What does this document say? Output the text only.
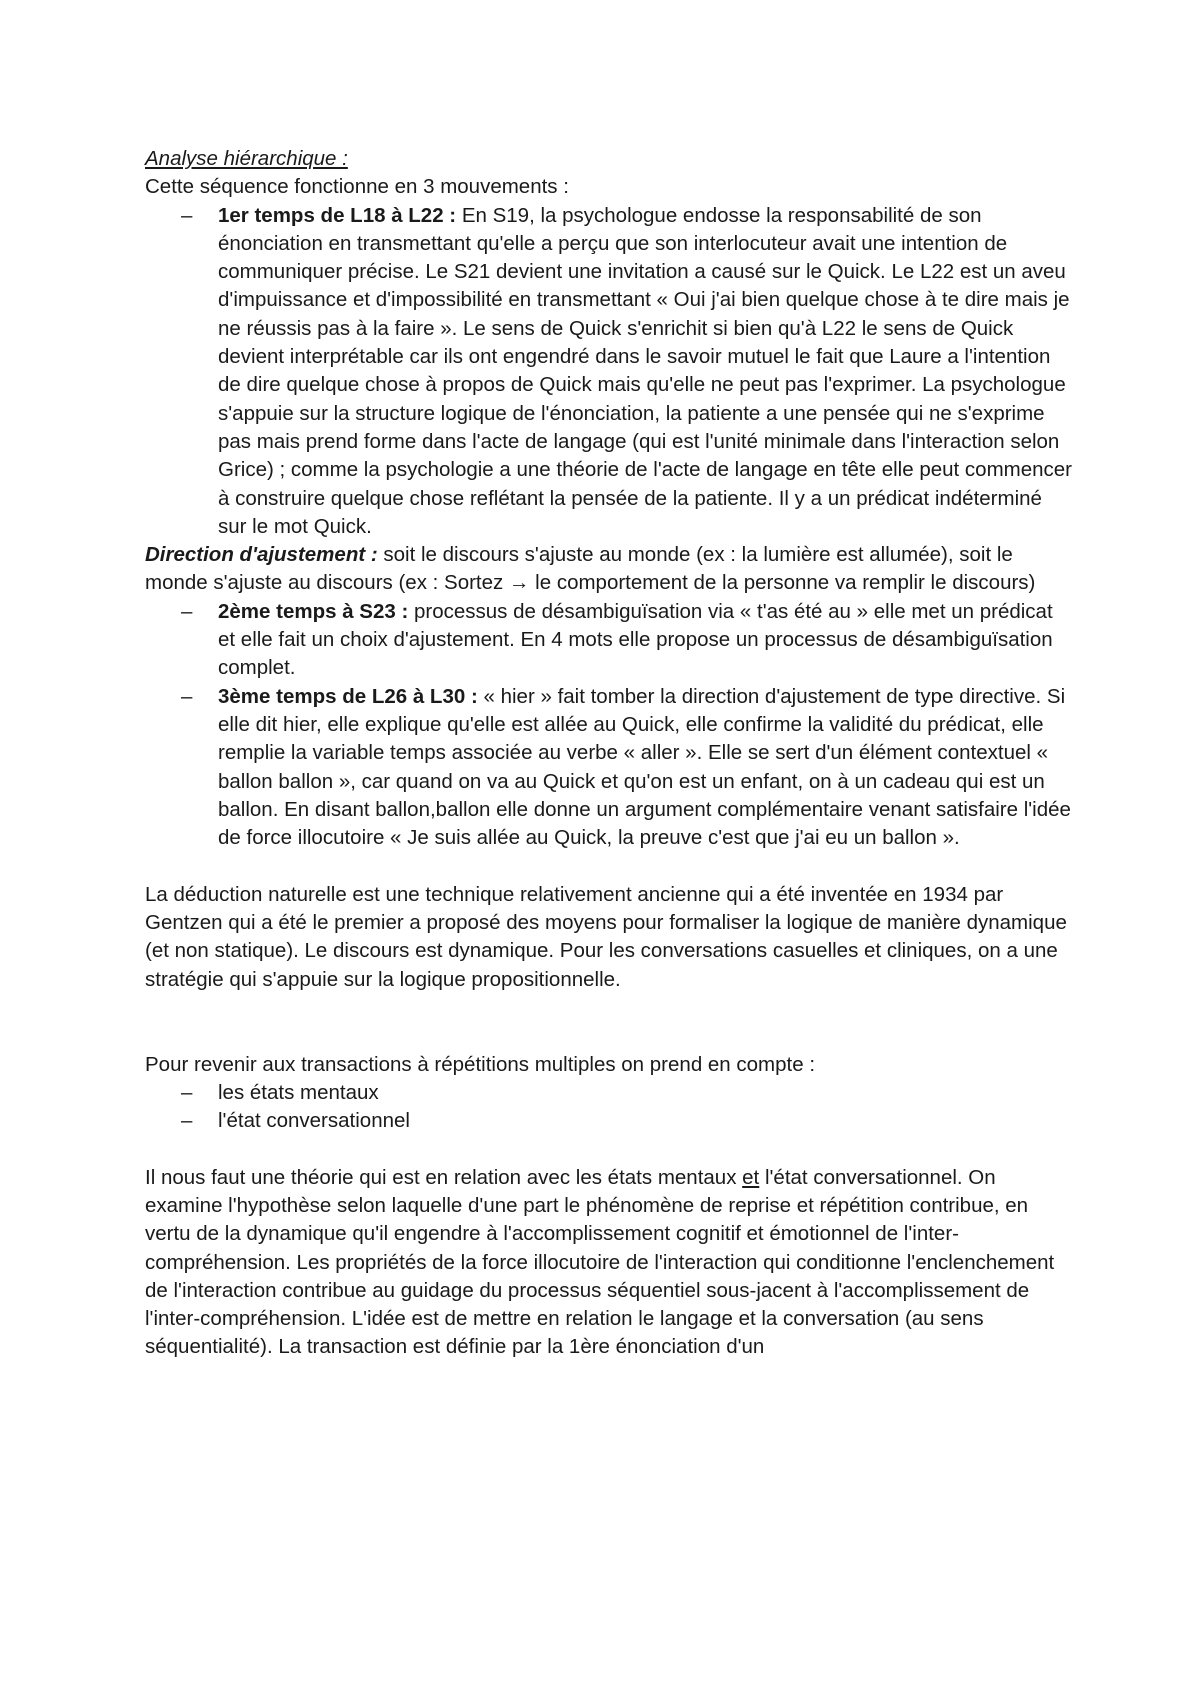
Analyse hiérarchique :

Cette séquence fonctionne en 3 mouvements :

– 1er temps de L18 à L22 : En S19, la psychologue endosse la responsabilité de son énonciation en transmettant qu'elle a perçu que son interlocuteur avait une intention de communiquer précise. Le S21 devient une invitation a causé sur le Quick. Le L22 est un aveu d'impuissance et d'impossibilité en transmettant « Oui j'ai bien quelque chose à te dire mais je ne réussis pas à la faire ». Le sens de Quick s'enrichit si bien qu'à L22 le sens de Quick devient interprétable car ils ont engendré dans le savoir mutuel le fait que Laure a l'intention de dire quelque chose à propos de Quick mais qu'elle ne peut pas l'exprimer. La psychologue s'appuie sur la structure logique de l'énonciation, la patiente a une pensée qui ne s'exprime pas mais prend forme dans l'acte de langage (qui est l'unité minimale dans l'interaction selon Grice) ; comme la psychologie a une théorie de l'acte de langage en tête elle peut commencer à construire quelque chose reflétant la pensée de la patiente. Il y a un prédicat indéterminé sur le mot Quick.

Direction d'ajustement : soit le discours s'ajuste au monde (ex : la lumière est allumée), soit le monde s'ajuste au discours (ex : Sortez → le comportement de la personne va remplir le discours)

– 2ème temps à S23 : processus de désambiguïsation via « t'as été au » elle met un prédicat et elle fait un choix d'ajustement. En 4 mots elle propose un processus de désambiguïsation complet.
– 3ème temps de L26 à L30 : « hier » fait tomber la direction d'ajustement de type directive. Si elle dit hier, elle explique qu'elle est allée au Quick, elle confirme la validité du prédicat, elle remplie la variable temps associée au verbe « aller ». Elle se sert d'un élément contextuel « ballon ballon », car quand on va au Quick et qu'on est un enfant, on à un cadeau qui est un ballon. En disant ballon,ballon elle donne un argument complémentaire venant satisfaire l'idée de force illocutoire « Je suis allée au Quick, la preuve c'est que j'ai eu un ballon ».

La déduction naturelle est une technique relativement ancienne qui a été inventée en 1934 par Gentzen qui a été le premier a proposé des moyens pour formaliser la logique de manière dynamique (et non statique). Le discours est dynamique. Pour les conversations casuelles et cliniques, on a une stratégie qui s'appuie sur la logique propositionnelle.

Pour revenir aux transactions à répétitions multiples on prend en compte :

– les états mentaux
– l'état conversationnel

Il nous faut une théorie qui est en relation avec les états mentaux et l'état conversationnel. On examine l'hypothèse selon laquelle d'une part le phénomène de reprise et répétition contribue, en vertu de la dynamique qu'il engendre à l'accomplissement cognitif et émotionnel de l'inter-compréhension. Les propriétés de la force illocutoire de l'interaction qui conditionne l'enclenchement de l'interaction contribue au guidage du processus séquentiel sous-jacent à l'accomplissement de l'inter-compréhension. L'idée est de mettre en relation le langage et la conversation (au sens séquentialité). La transaction est définie par la 1ère énonciation d'un
